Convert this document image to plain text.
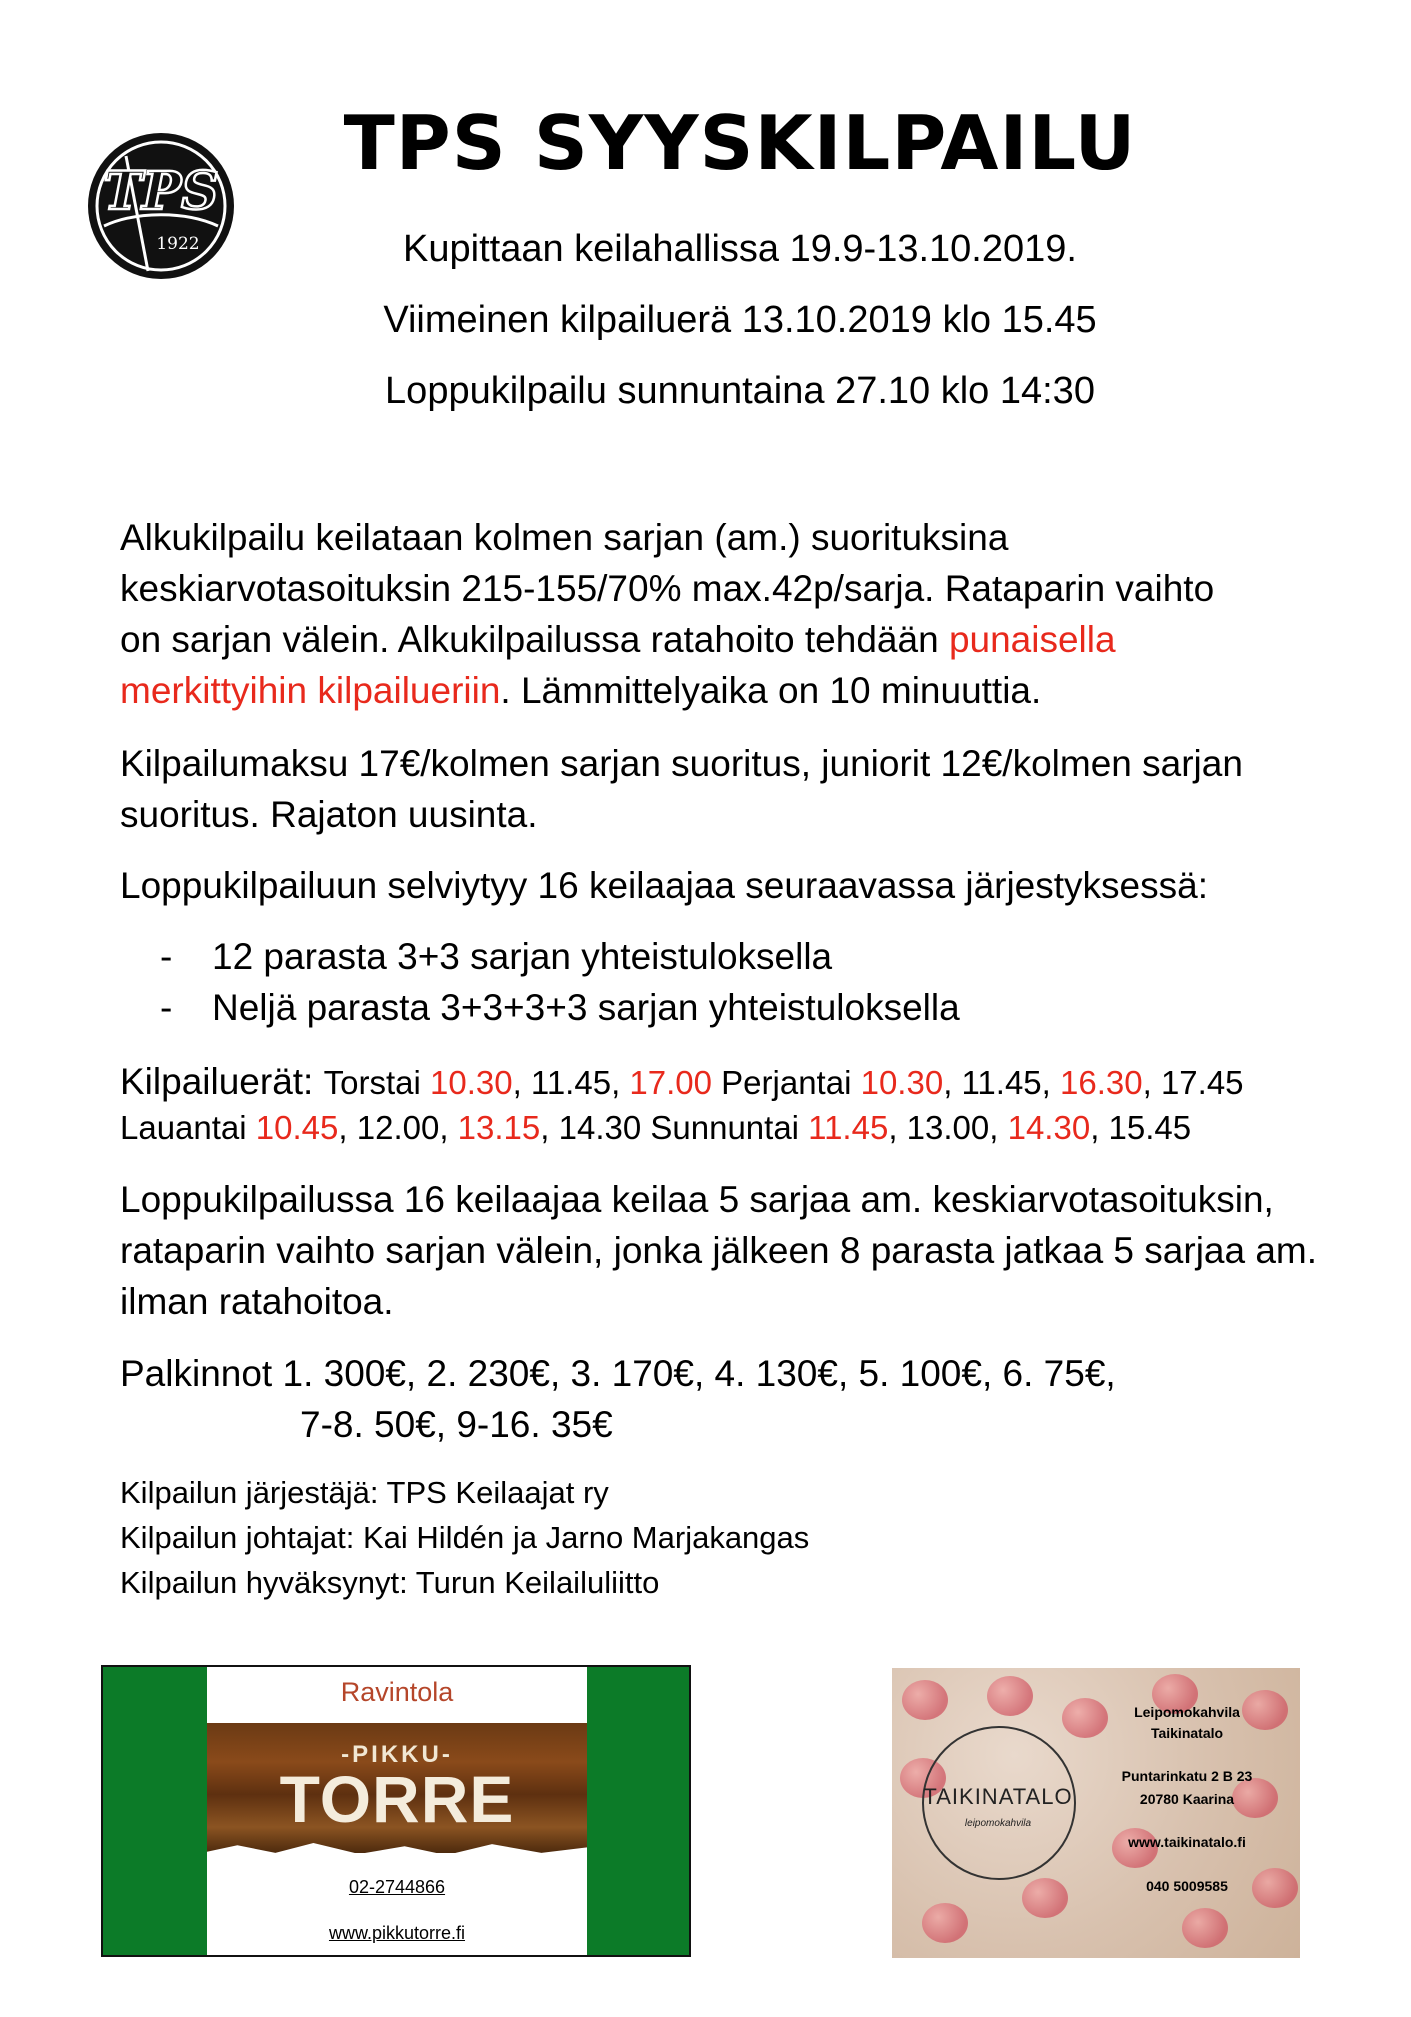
TPS
1922
TPS SYYSKILPAILU
Kupittaan keilahallissa 19.9-13.10.2019.
Viimeinen kilpailuerä 13.10.2019 klo 15.45
Loppukilpailu sunnuntaina 27.10 klo 14:30
Alkukilpailu keilataan kolmen sarjan (am.) suorituksina keskiarvotasoituksin 215-155/70% max.42p/sarja. Rataparin vaihto on sarjan välein. Alkukilpailussa ratahoito tehdään punaisella merkittyihin kilpailueriin. Lämmittelyaika on 10 minuuttia.
Kilpailumaksu 17€/kolmen sarjan suoritus, juniorit 12€/kolmen sarjan suoritus. Rajaton uusinta.
Loppukilpailuun selviytyy 16 keilaajaa seuraavassa järjestyksessä:
- 12 parasta 3+3 sarjan yhteistuloksella
- Neljä parasta 3+3+3+3 sarjan yhteistuloksella
Kilpailuerät: Torstai 10.30, 11.45, 17.00 Perjantai 10.30, 11.45, 16.30, 17.45
Lauantai 10.45, 12.00, 13.15, 14.30 Sunnuntai 11.45, 13.00, 14.30, 15.45
Loppukilpailussa 16 keilaajaa keilaa 5 sarjaa am. keskiarvotasoituksin, rataparin vaihto sarjan välein, jonka jälkeen 8 parasta jatkaa 5 sarjaa am. ilman ratahoitoa.
Palkinnot 1. 300€, 2. 230€, 3. 170€, 4. 130€, 5. 100€, 6. 75€,
7-8. 50€, 9-16. 35€
Kilpailun järjestäjä: TPS Keilaajat ry
Kilpailun johtajat: Kai Hildén ja Jarno Marjakangas
Kilpailun hyväksynyt: Turun Keilailuliitto
Ravintola
-PIKKU-
TORRE
02-2744866
www.pikkutorre.fi
TAIKINATALO
leipomokahvila
Leipomokahvila
Taikinatalo
Puntarinkatu 2 B 23
20780 Kaarina
www.taikinatalo.fi
040 5009585
